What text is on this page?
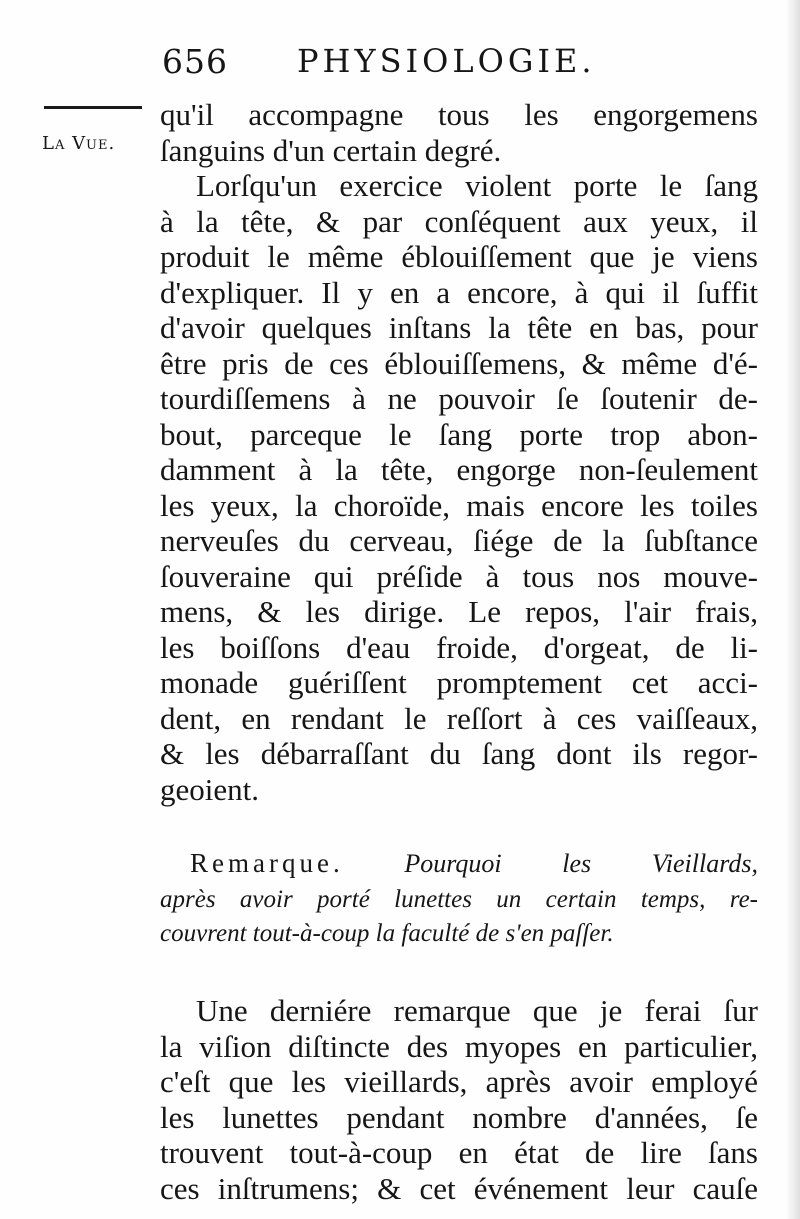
656 PHYSIOLOGIE.
La Vue.
qu'il accompagne tous les engorgemens
ſanguins d'un certain degré.
Lorſqu'un exercice violent porte le ſang
à la tête, & par conſéquent aux yeux, il
produit le même éblouiſſement que je viens
d'expliquer. Il y en a encore, à qui il ſuffit
d'avoir quelques inſtans la tête en bas, pour
être pris de ces éblouiſſemens, & même d'é-
tourdiſſemens à ne pouvoir ſe ſoutenir de-
bout, parceque le ſang porte trop abon-
damment à la tête, engorge non-ſeulement
les yeux, la choroïde, mais encore les toiles
nerveuſes du cerveau, ſiége de la ſubſtance
ſouveraine qui préſide à tous nos mouve-
mens, & les dirige. Le repos, l'air frais,
les boiſſons d'eau froide, d'orgeat, de li-
monade guériſſent promptement cet acci-
dent, en rendant le reſſort à ces vaiſſeaux,
& les débarraſſant du ſang dont ils regor-
geoient.
Remarque. Pourquoi les Vieillards,
après avoir porté lunettes un certain temps, re-
couvrent tout-à-coup la faculté de s'en paſſer.
Une derniére remarque que je ferai ſur
la viſion diſtincte des myopes en particulier,
c'eſt que les vieillards, après avoir employé
les lunettes pendant nombre d'années, ſe
trouvent tout-à-coup en état de lire ſans
ces inſtrumens; & cet événement leur cauſe
